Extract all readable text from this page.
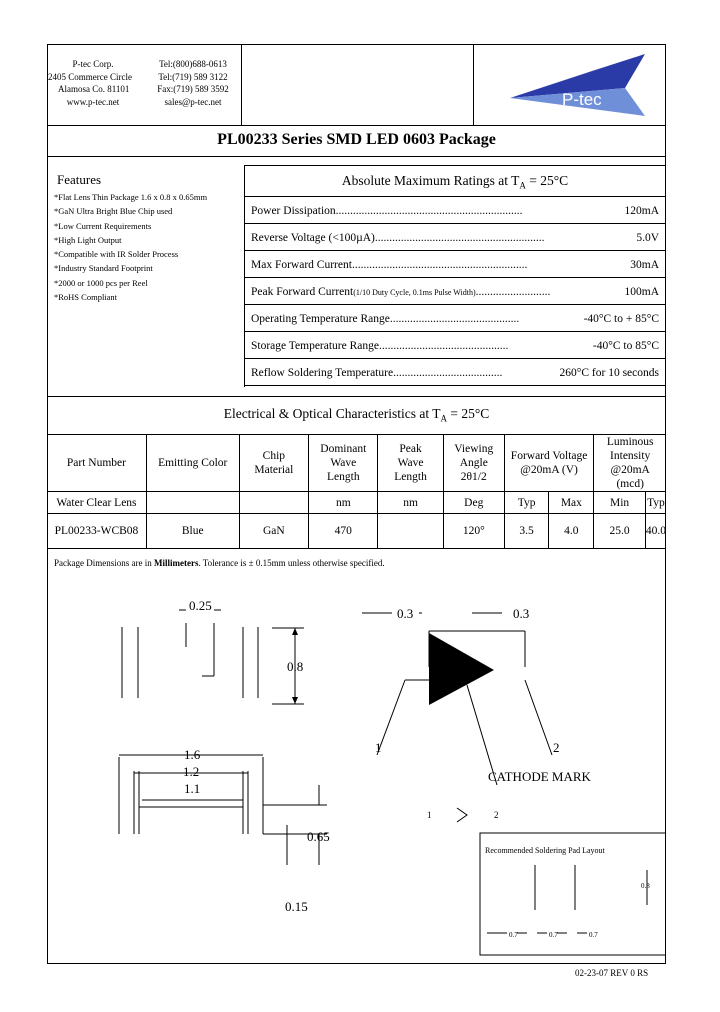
P-tec Corp.
2405 Commerce Circle
Alamosa Co. 81101
www.p-tec.net
Tel:(800)688-0613
Tel:(719) 589 3122
Fax:(719) 589 3592
sales@p-tec.net	P-tec
PL00233 Series SMD LED 0603 Package
Features
*Flat Lens Thin Package 1.6 x 0.8 x 0.65mm
*GaN Ultra Bright Blue Chip used
*Low Current Requirements
*High Light Output
*Compatible with IR Solder Process
*Industry Standard Footprint
*2000 or 1000 pcs per Reel
*RoHS Compliant
Absolute Maximum Ratings at $T_A = 25^\circ C$
Power Dissipation.................................................................	120mA
Reverse Voltage (<100µA)...........................................................	5.0V
Max Forward Current.............................................................	30mA
Peak Forward Current(1/10 Duty Cycle, 0.1ms Pulse Width)..........................	100mA
Operating Temperature Range.............................................	-40°C to + 85°C
Storage Temperature Range.............................................	-40°C to 85°C
Reflow Soldering Temperature......................................	260°C for 10 seconds
Electrical & Optical Characteristics at $T_A = 25^\circ C$
Part Number	Emitting Color	Chip Material	Dominant Wave Length	Peak Wave Length	Viewing Angle 2θ1/2	Forward Voltage @20mA (V)		Luminous Intensity @20mA (mcd)	
Water Clear Lens			nm	nm	Deg	Typ	Max	Min	Typ
PL00233-WCB08	Blue	GaN	470		120°	3.5	4.0	25.0	40.0
Package Dimensions are in Millimeters. Tolerance is ± 0.15mm unless otherwise specified.
0.25
0.8
1.6
1.2
1.1
0.65
0.15
0.3	0.3
1	2
CATHODE MARK
1	2
Recommended Soldering Pad Layout
0.8
0.7	0.7	0.7
02-23-07 REV 0 RS
